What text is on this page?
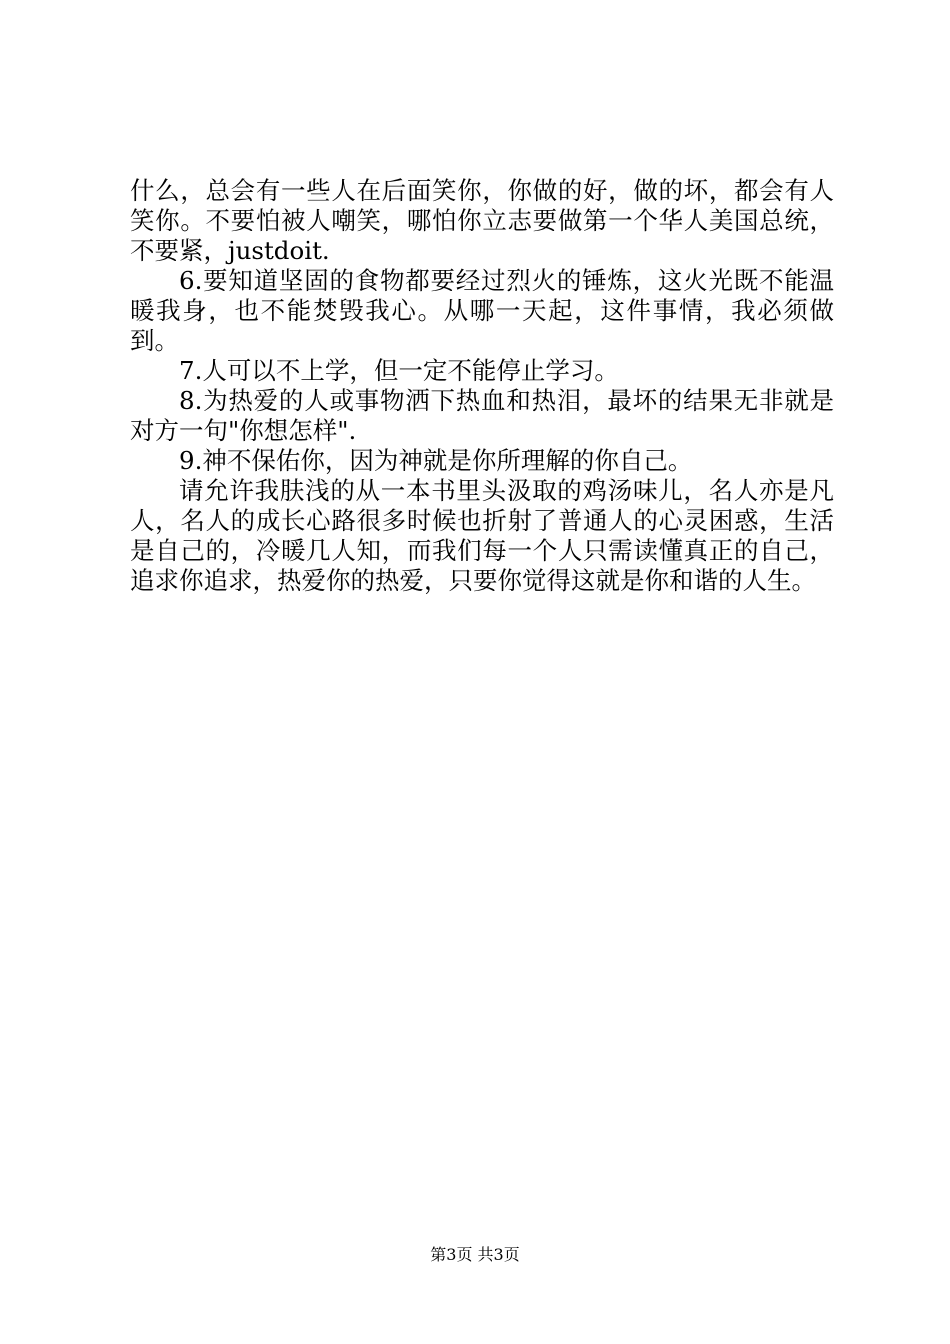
什么，总会有一些人在后面笑你，你做的好，做的坏，都会有人笑你。不要怕被人嘲笑，哪怕你立志要做第一个华人美国总统，不要紧，justdoit.

6.要知道坚固的食物都要经过烈火的锤炼，这火光既不能温暖我身，也不能焚毁我心。从哪一天起，这件事情，我必须做到。

7.人可以不上学，但一定不能停止学习。

8.为热爱的人或事物洒下热血和热泪，最坏的结果无非就是对方一句"你想怎样".

9.神不保佑你，因为神就是你所理解的你自己。

请允许我肤浅的从一本书里头汲取的鸡汤味儿，名人亦是凡人，名人的成长心路很多时候也折射了普通人的心灵困惑，生活是自己的，冷暖几人知，而我们每一个人只需读懂真正的自己，追求你追求，热爱你的热爱，只要你觉得这就是你和谐的人生。

第3页 共3页
